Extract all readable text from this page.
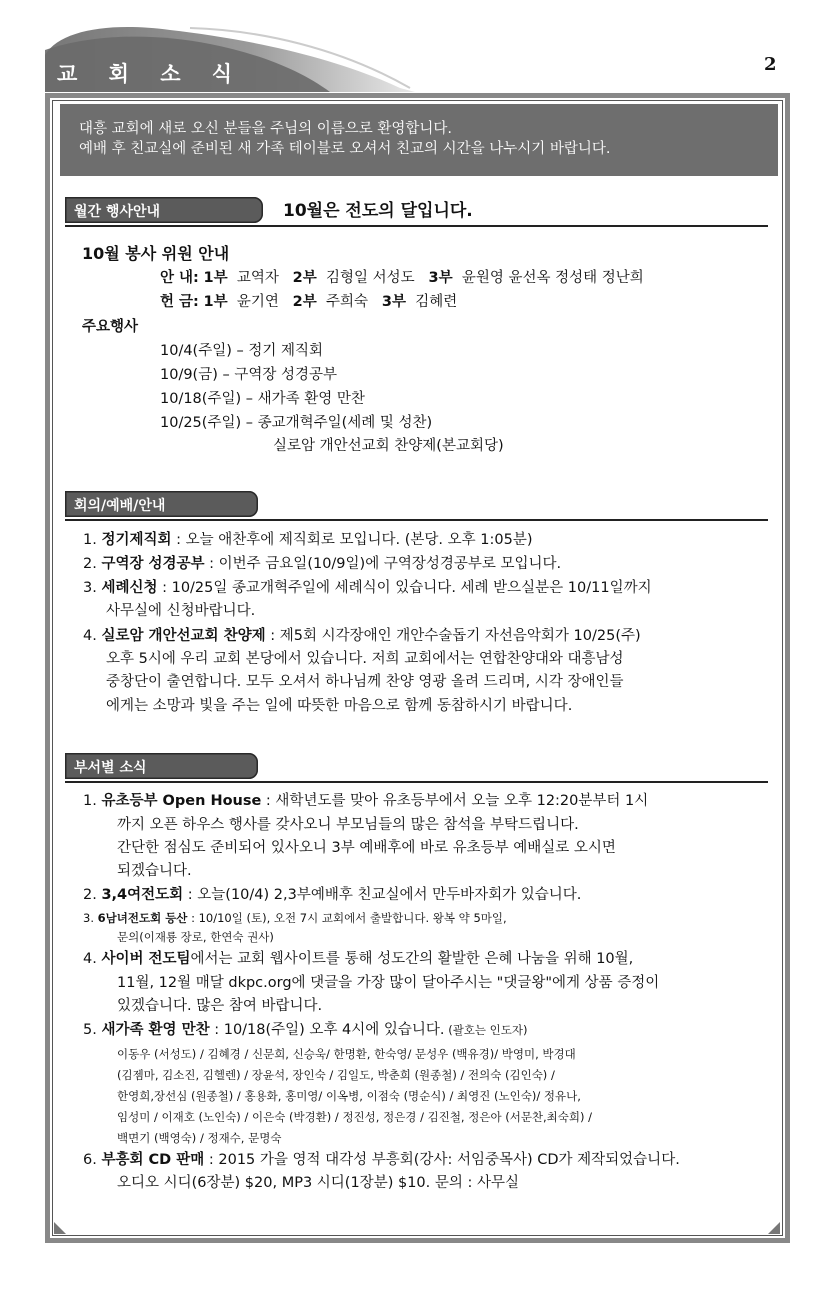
교 회 소 식	2
대흥 교회에 새로 오신 분들을 주님의 이름으로 환영합니다.
예배 후 친교실에 준비된 새 가족 테이블로 오셔서 친교의 시간을 나누시기 바랍니다.
월간 행사안내	10월은 전도의 달입니다.
10월 봉사 위원 안내
안 내: 1부 교역자 2부 김형일 서성도 3부 윤원영 윤선옥 정성태 정난희
헌 금: 1부 윤기연 2부 주희숙 3부 김혜련
주요행사
10/4(주일) – 정기 제직회
10/9(금) – 구역장 성경공부
10/18(주일) – 새가족 환영 만찬
10/25(주일) – 종교개혁주일(세례 및 성찬)
실로암 개안선교회 찬양제(본교회당)
회의/예배/안내
1. 정기제직회 : 오늘 애찬후에 제직회로 모입니다. (본당. 오후 1:05분)
2. 구역장 성경공부 : 이번주 금요일(10/9일)에 구역장성경공부로 모입니다.
3. 세례신청 : 10/25일 종교개혁주일에 세례식이 있습니다. 세례 받으실분은 10/11일까지
사무실에 신청바랍니다.
4. 실로암 개안선교회 찬양제 : 제5회 시각장애인 개안수술돕기 자선음악회가 10/25(주)
오후 5시에 우리 교회 본당에서 있습니다. 저희 교회에서는 연합찬양대와 대흥남성
중창단이 출연합니다. 모두 오셔서 하나님께 찬양 영광 올려 드리며, 시각 장애인들
에게는 소망과 빛을 주는 일에 따뜻한 마음으로 함께 동참하시기 바랍니다.
부서별 소식
1. 유초등부 Open House : 새학년도를 맞아 유초등부에서 오늘 오후 12:20분부터 1시
까지 오픈 하우스 행사를 갖사오니 부모님들의 많은 참석을 부탁드립니다.
간단한 점심도 준비되어 있사오니 3부 예배후에 바로 유초등부 예배실로 오시면
되겠습니다.
2. 3,4여전도회 : 오늘(10/4) 2,3부예배후 친교실에서 만두바자회가 있습니다.
3. 6남녀전도회 등산 : 10/10일 (토), 오전 7시 교회에서 출발합니다. 왕복 약 5마일,
문의(이재룡 장로, 한연숙 권사)
4. 사이버 전도팀에서는 교회 웹사이트를 통해 성도간의 활발한 은혜 나눔을 위해 10월,
11월, 12월 매달 dkpc.org에 댓글을 가장 많이 달아주시는 "댓글왕"에게 상품 증정이
있겠습니다. 많은 참여 바랍니다.
5. 새가족 환영 만찬 : 10/18(주일) 오후 4시에 있습니다. (괄호는 인도자)
이동우 (서성도) / 김혜경 / 신문희, 신승욱/ 한명환, 한숙영/ 문성우 (백유경)/ 박영미, 박경대
(김젬마, 김소진, 김헬렌) / 장윤석, 장인숙 / 김일도, 박춘희 (원종철) / 전의숙 (김인숙) /
한영희,장선심 (원종철) / 홍용화, 홍미영/ 이옥병, 이점숙 (명순식) / 최영진 (노인숙)/ 정유나,
임성미 / 이재호 (노인숙) / 이은숙 (박경환) / 정진성, 정은경 / 김진철, 정은아 (서문찬,최숙희) /
백면기 (백영숙) / 정재수, 문명숙
6. 부흥회 CD 판매 : 2015 가을 영적 대각성 부흥회(강사: 서임중목사) CD가 제작되었습니다.
오디오 시디(6장분) $20, MP3 시디(1장분) $10. 문의 : 사무실
